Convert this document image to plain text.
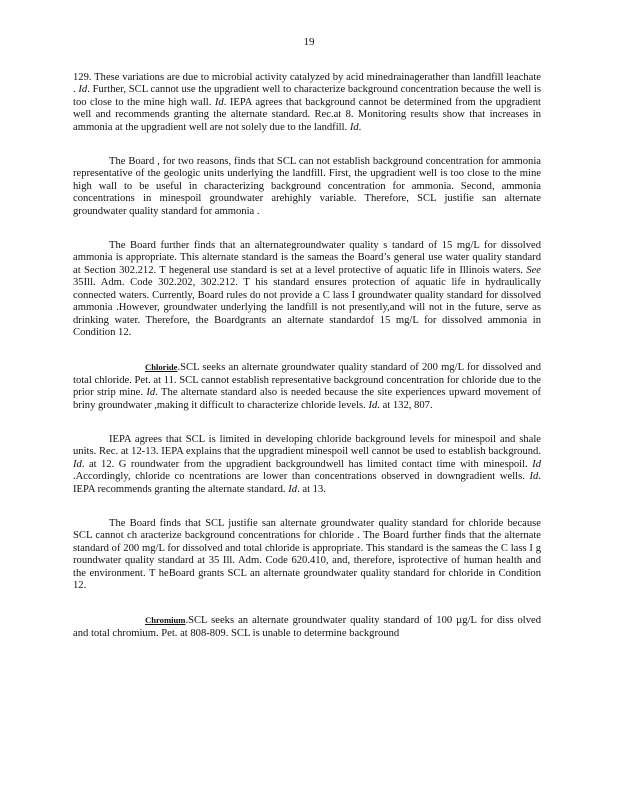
19

129. These variations are due to microbial activity catalyzed by acid minedrainagerather than landfill leachate . Id. Further, SCL cannot use the upgradient well to characterize background concentration because the well is too close to the mine high wall. Id. IEPA agrees that background cannot be determined from the upgradient well and recommends granting the alternate standard. Rec.at 8. Monitoring results show that increases in ammonia at the upgradient well are not solely due to the landfill. Id.

The Board , for two reasons, finds that SCL can not establish background concentration for ammonia representative of the geologic units underlying the landfill. First, the upgradient well is too close to the mine high wall to be useful in characterizing background concentration for ammonia. Second, ammonia concentrations in minespoil groundwater arehighly variable. Therefore, SCL justifie san alternate groundwater quality standard for ammonia .

The Board further finds that an alternategroundwater quality s tandard of 15 mg/L for dissolved ammonia is appropriate. This alternate standard is the sameas the Board’s general use water quality standard at Section 302.212. T hegeneral use standard is set at a level protective of aquatic life in Illinois waters. See 35Ill. Adm. Code 302.202, 302.212. T his standard ensures protection of aquatic life in hydraulically connected waters. Currently, Board rules do not provide a C lass I groundwater quality standard for dissolved ammonia .However, groundwater underlying the landfill is not presently,and will not in the future, serve as drinking water. Therefore, the Boardgrants an alternate standardof 15 mg/L for dissolved ammonia in Condition 12.

Chloride.SCL seeks an alternate groundwater quality standard of 200 mg/L for dissolved and total chloride. Pet. at 11. SCL cannot establish representative background concentration for chloride due to the prior strip mine. Id. The alternate standard also is needed because the site experiences upward movement of briny groundwater ,making it difficult to characterize chloride levels. Id. at 132, 807.

IEPA agrees that SCL is limited in developing chloride background levels for minespoil and shale units. Rec. at 12-13. IEPA explains that the upgradient minespoil well cannot be used to establish background. Id. at 12. G roundwater from the upgradient backgroundwell has limited contact time with minespoil. Id .Accordingly, chloride co ncentrations are lower than concentrations observed in downgradient wells. Id. IEPA recommends granting the alternate standard. Id. at 13.

The Board finds that SCL justifie san alternate groundwater quality standard for chloride because SCL cannot ch aracterize background concentrations for chloride . The Board further finds that the alternate standard of 200 mg/L for dissolved and total chloride is appropriate. This standard is the sameas the C lass I g roundwater quality standard at 35 Ill. Adm. Code 620.410, and, therefore, isprotective of human health and the environment. T heBoard grants SCL an alternate groundwater quality standard for chloride in Condition 12.

Chromium.SCL seeks an alternate groundwater quality standard of 100 µg/L for diss olved and total chromium. Pet. at 808-809. SCL is unable to determine background
